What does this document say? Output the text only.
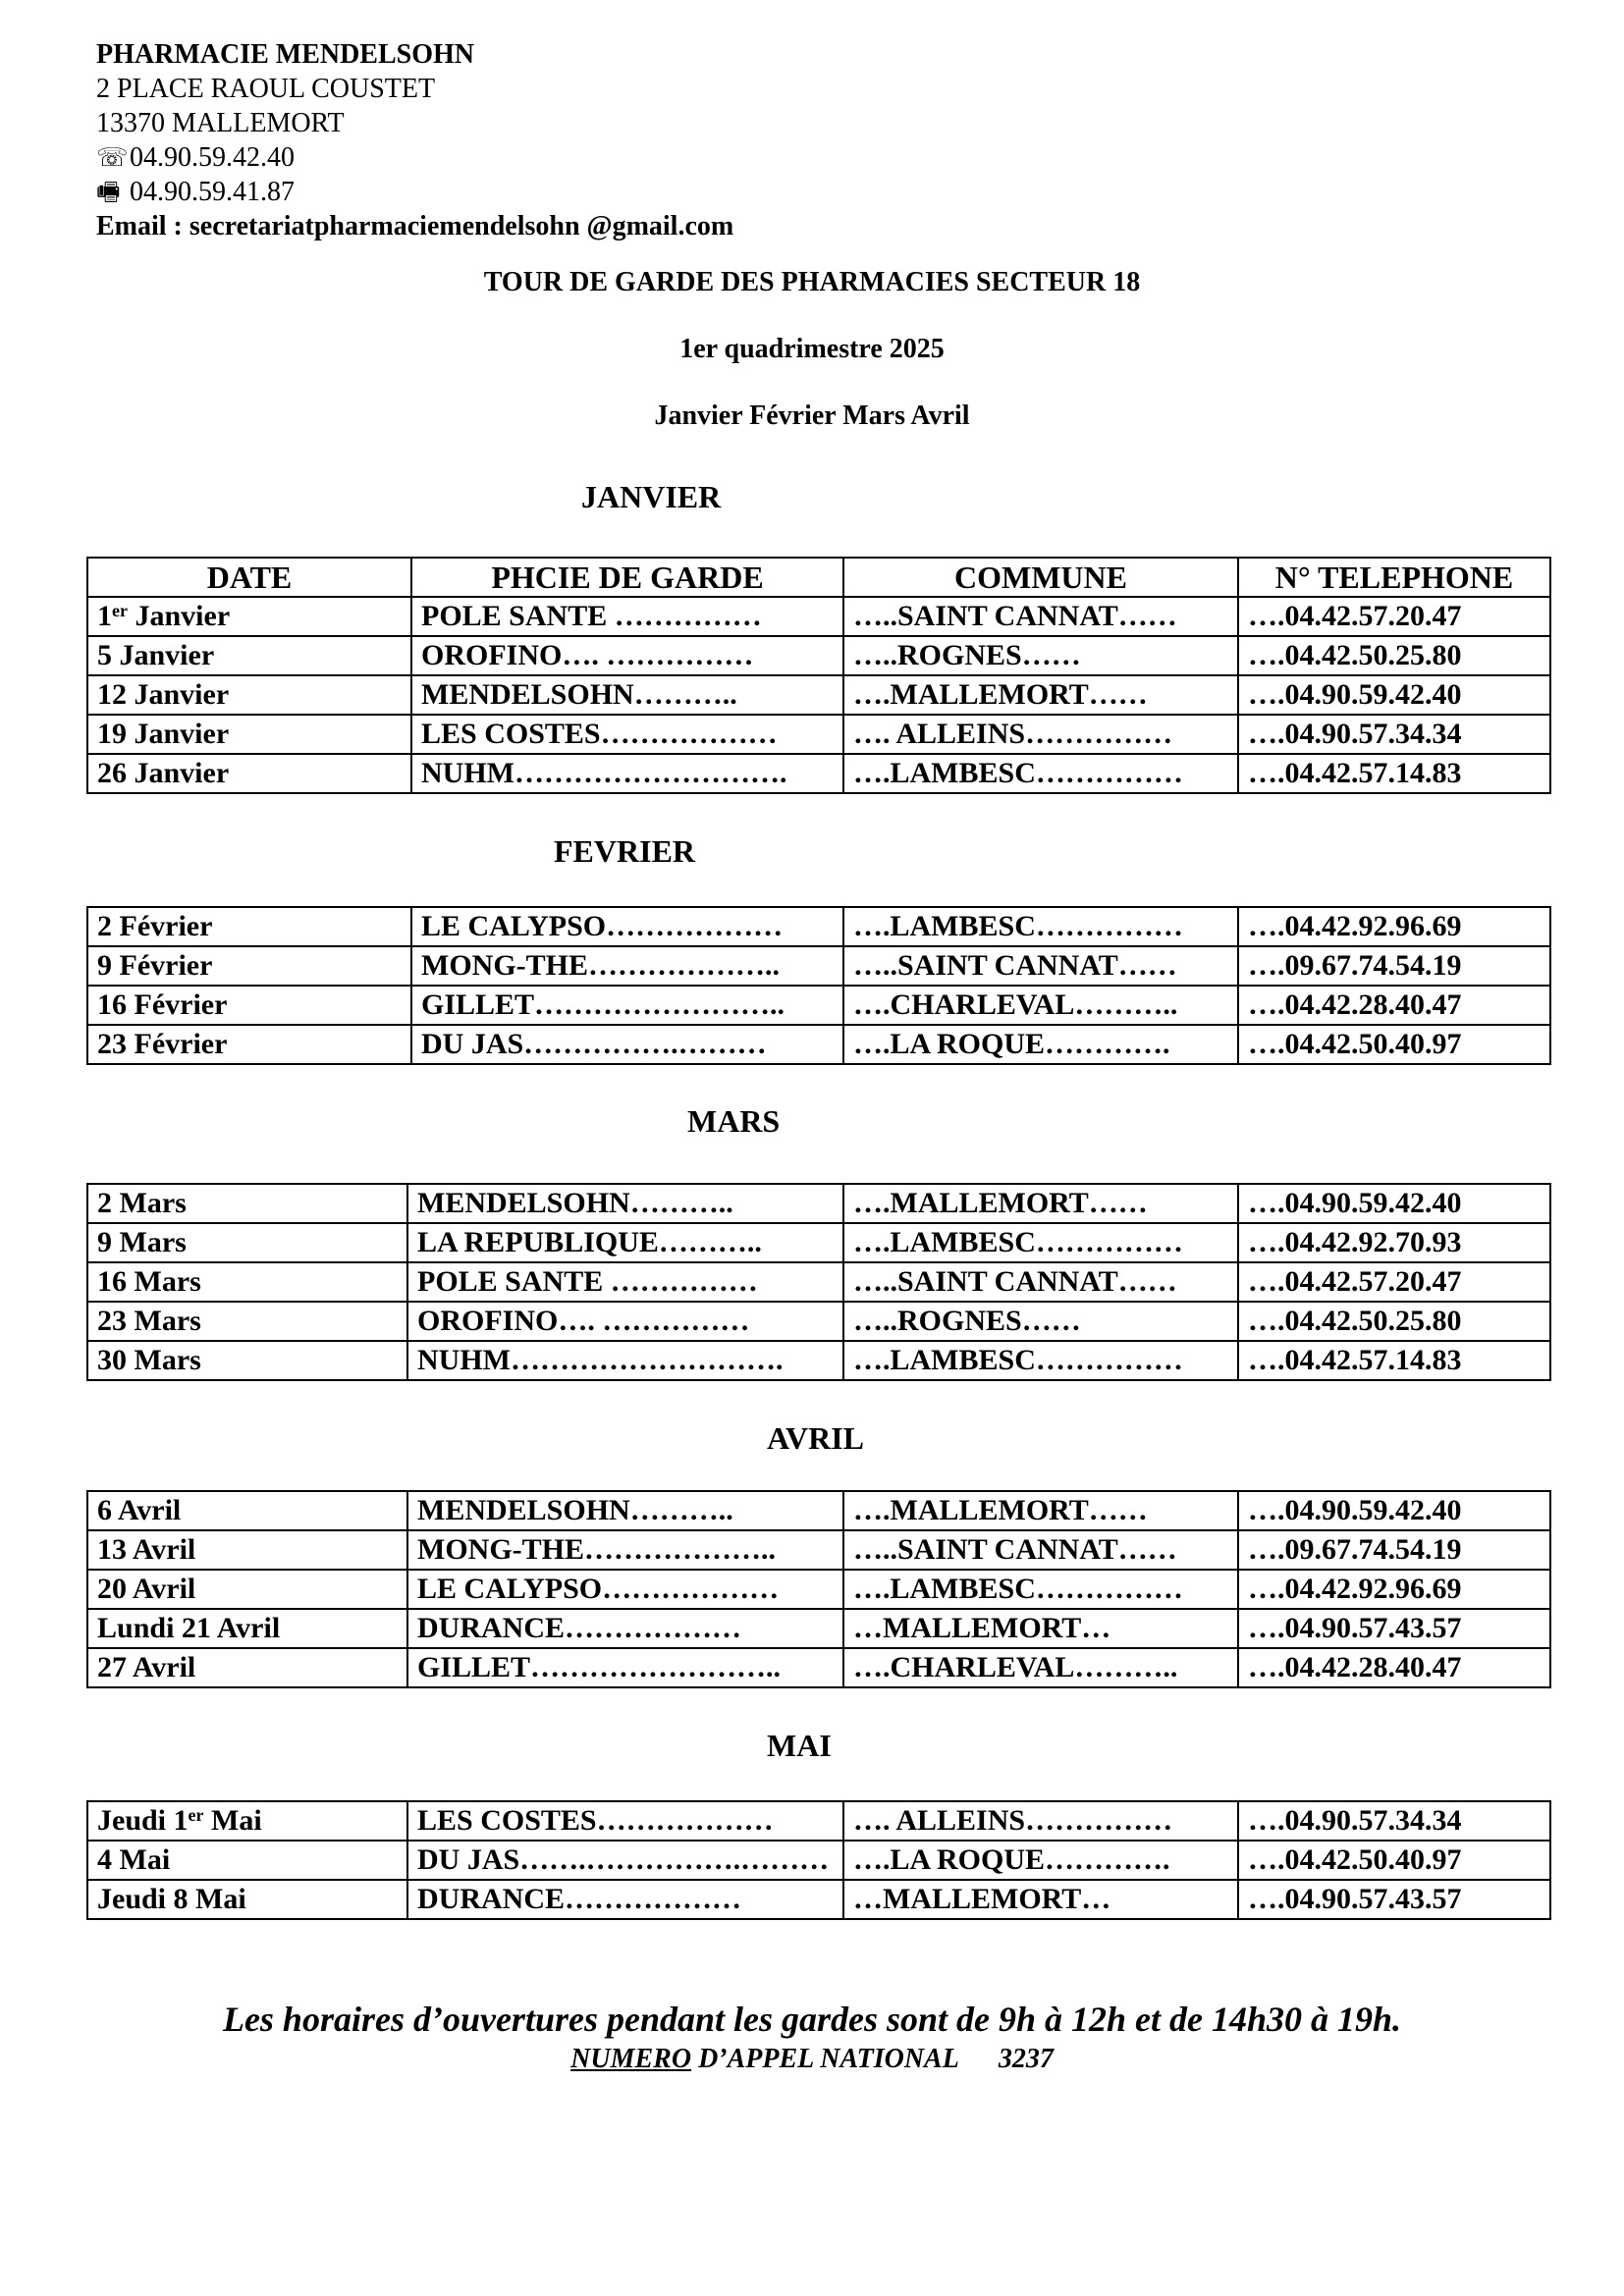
PHARMACIE MENDELSOHN
2 PLACE RAOUL COUSTET
13370 MALLEMORT
☏04.90.59.42.40
🖷 04.90.59.41.87
Email : secretariatpharmaciemendelsohn @gmail.com
TOUR DE GARDE DES PHARMACIES SECTEUR 18
1er quadrimestre 2025
Janvier Février Mars Avril
JANVIER
DATE	PHCIE DE GARDE	COMMUNE	N° TELEPHONE
1er Janvier	POLE SANTE ……………	…..SAINT CANNAT……	….04.42.57.20.47
5 Janvier	OROFINO…. ……………	…..ROGNES……	….04.42.50.25.80
12 Janvier	MENDELSOHN………..	….MALLEMORT……	….04.90.59.42.40
19 Janvier	LES COSTES………………	…. ALLEINS……………	….04.90.57.34.34
26 Janvier	NUHM……………………….	….LAMBESC……………	….04.42.57.14.83
FEVRIER
2 Février	LE CALYPSO………………	….LAMBESC……………	….04.42.92.96.69
9 Février	MONG-THE………………..	…..SAINT CANNAT……	….09.67.74.54.19
16 Février	GILLET……………………..	….CHARLEVAL………..	….04.42.28.40.47
23 Février	DU JAS…………….………	….LA ROQUE………….	….04.42.50.40.97
MARS
2 Mars	MENDELSOHN………..	….MALLEMORT……	….04.90.59.42.40
9 Mars	LA REPUBLIQUE………..	….LAMBESC……………	….04.42.92.70.93
16 Mars	POLE SANTE ……………	…..SAINT CANNAT……	….04.42.57.20.47
23 Mars	OROFINO…. ……………	…..ROGNES……	….04.42.50.25.80
30 Mars	NUHM……………………….	….LAMBESC……………	….04.42.57.14.83
AVRIL
6 Avril	MENDELSOHN………..	….MALLEMORT……	….04.90.59.42.40
13 Avril	MONG-THE………………..	…..SAINT CANNAT……	….09.67.74.54.19
20 Avril	LE CALYPSO………………	….LAMBESC……………	….04.42.92.96.69
Lundi 21 Avril	DURANCE………………	…MALLEMORT…	….04.90.57.43.57
27 Avril	GILLET……………………..	….CHARLEVAL………..	….04.42.28.40.47
MAI
Jeudi 1er Mai	LES COSTES………………	…. ALLEINS……………	….04.90.57.34.34
4 Mai	DU JAS…….…………….………	….LA ROQUE………….	….04.42.50.40.97
Jeudi 8 Mai	DURANCE………………	…MALLEMORT…	….04.90.57.43.57
Les horaires d’ouvertures pendant les gardes sont de 9h à 12h et de 14h30 à 19h.
NUMERO D’APPEL NATIONAL 3237
